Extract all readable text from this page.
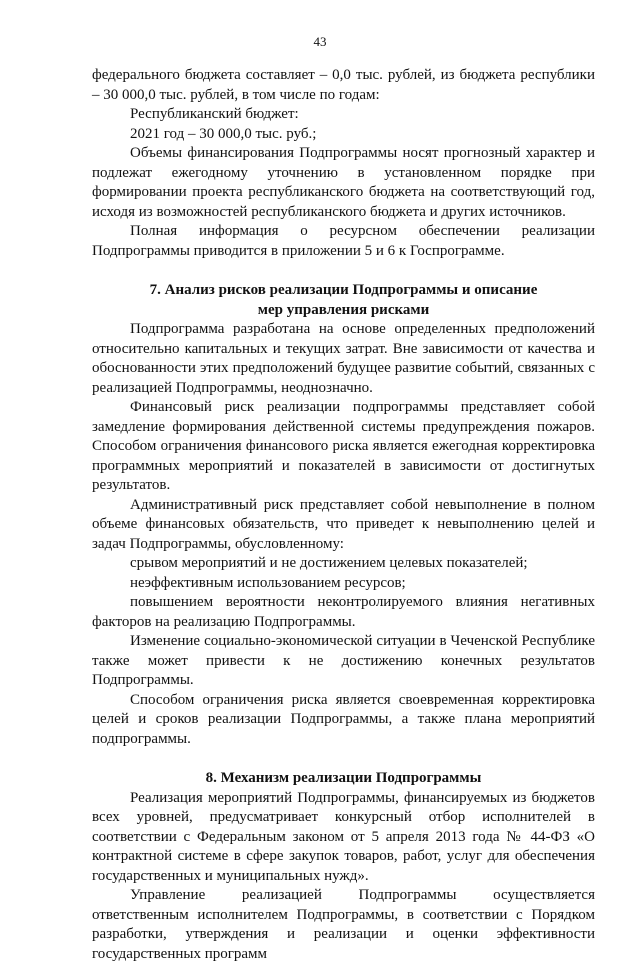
43

федерального бюджета составляет – 0,0 тыс. рублей, из бюджета республики – 30 000,0 тыс. рублей, в том числе по годам:

Республиканский бюджет:

2021 год – 30 000,0 тыс. руб.;

Объемы финансирования Подпрограммы носят прогнозный характер и подлежат ежегодному уточнению в установленном порядке при формировании проекта республиканского бюджета на соответствующий год, исходя из возможностей республиканского бюджета и других источников.

Полная информация о ресурсном обеспечении реализации Подпрограммы приводится в приложении 5 и 6 к Госпрограмме.

7. Анализ рисков реализации Подпрограммы и описание

мер управления рисками

Подпрограмма разработана на основе определенных предположений относительно капитальных и текущих затрат. Вне зависимости от качества и обоснованности этих предположений будущее развитие событий, связанных с реализацией Подпрограммы, неоднозначно.

Финансовый риск реализации подпрограммы представляет собой замедление формирования действенной системы предупреждения пожаров. Способом ограничения финансового риска является ежегодная корректировка программных мероприятий и показателей в зависимости от достигнутых результатов.

Административный риск представляет собой невыполнение в полном объеме финансовых обязательств, что приведет к невыполнению целей и задач Подпрограммы, обусловленному:

срывом мероприятий и не достижением целевых показателей;

неэффективным использованием ресурсов;

повышением вероятности неконтролируемого влияния негативных факторов на реализацию Подпрограммы.

Изменение социально-экономической ситуации в Чеченской Республике также может привести к не достижению конечных результатов Подпрограммы.

Способом ограничения риска является своевременная корректировка целей и сроков реализации Подпрограммы, а также плана мероприятий подпрограммы.

8. Механизм реализации Подпрограммы

Реализация мероприятий Подпрограммы, финансируемых из бюджетов всех уровней, предусматривает конкурсный отбор исполнителей в соответствии с Федеральным законом от 5 апреля 2013 года № 44-ФЗ «О контрактной системе в сфере закупок товаров, работ, услуг для обеспечения государственных и муниципальных нужд».

Управление реализацией Подпрограммы осуществляется ответственным исполнителем Подпрограммы, в соответствии с Порядком разработки, утверждения и реализации и оценки эффективности государственных программ
